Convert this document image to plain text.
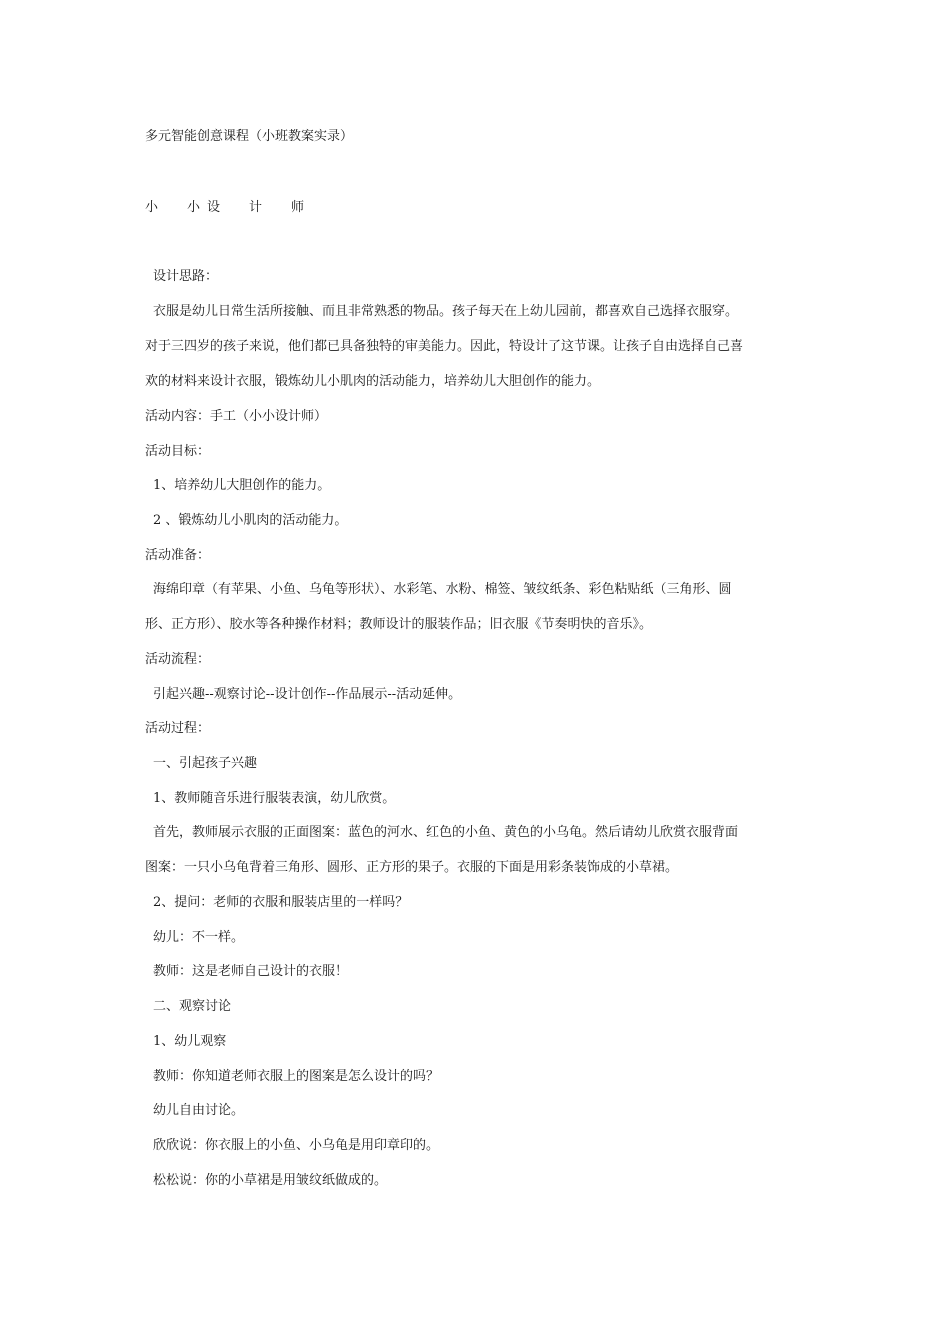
多元智能创意课程（小班教案实录）
小 小 设 计 师
设计思路：
衣服是幼儿日常生活所接触、而且非常熟悉的物品。孩子每天在上幼儿园前，都喜欢自己选择衣服穿。
对于三四岁的孩子来说，他们都已具备独特的审美能力。因此，特设计了这节课。让孩子自由选择自己喜
欢的材料来设计衣服，锻炼幼儿小肌肉的活动能力，培养幼儿大胆创作的能力。
活动内容：手工（小小设计师）
活动目标：
1、培养幼儿大胆创作的能力。
2 、锻炼幼儿小肌肉的活动能力。
活动准备：
海绵印章（有苹果、小鱼、乌龟等形状）、水彩笔、水粉、棉签、皱纹纸条、彩色粘贴纸（三角形、圆
形、正方形）、胶水等各种操作材料；教师设计的服装作品；旧衣服《节奏明快的音乐》。
活动流程：
引起兴趣--观察讨论--设计创作--作品展示--活动延伸。
活动过程：
一、引起孩子兴趣
1、教师随音乐进行服装表演，幼儿欣赏。
首先，教师展示衣服的正面图案：蓝色的河水、红色的小鱼、黄色的小乌龟。然后请幼儿欣赏衣服背面
图案：一只小乌龟背着三角形、圆形、正方形的果子。衣服的下面是用彩条装饰成的小草裙。
2、提问：老师的衣服和服装店里的一样吗？
幼儿：不一样。
教师：这是老师自己设计的衣服！
二、观察讨论
1、幼儿观察
教师：你知道老师衣服上的图案是怎么设计的吗？
幼儿自由讨论。
欣欣说：你衣服上的小鱼、小乌龟是用印章印的。
松松说：你的小草裙是用皱纹纸做成的。
